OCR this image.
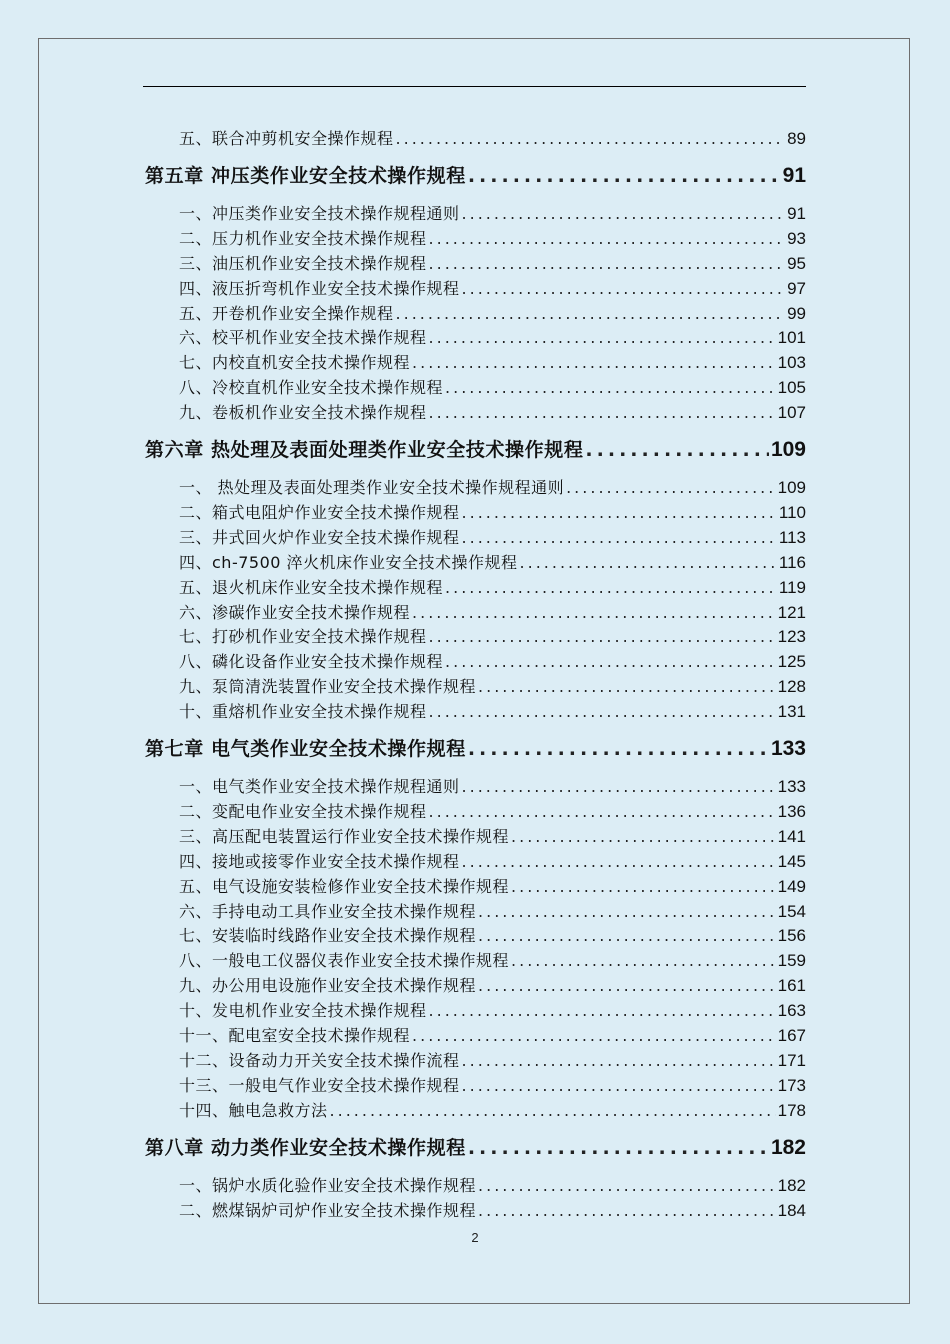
五、联合冲剪机安全操作规程 .....	89
第五章 冲压类作业安全技术操作规程 .....	91
一、冲压类作业安全技术操作规程通则 .....	91
二、压力机作业安全技术操作规程 .....	93
三、油压机作业安全技术操作规程 .....	95
四、液压折弯机作业安全技术操作规程 .....	97
五、开卷机作业安全操作规程 .....	99
六、校平机作业安全技术操作规程 .....	101
七、内校直机安全技术操作规程 .....	103
八、冷校直机作业安全技术操作规程 .....	105
九、卷板机作业安全技术操作规程 .....	107
第六章 热处理及表面处理类作业安全技术操作规程 .....	109
一、 热处理及表面处理类作业安全技术操作规程通则 .....	109
二、箱式电阻炉作业安全技术操作规程 .....	110
三、井式回火炉作业安全技术操作规程 .....	113
四、ch-7500 淬火机床作业安全技术操作规程 .....	116
五、退火机床作业安全技术操作规程 .....	119
六、渗碳作业安全技术操作规程 .....	121
七、打砂机作业安全技术操作规程 .....	123
八、磷化设备作业安全技术操作规程 .....	125
九、泵筒清洗装置作业安全技术操作规程 .....	128
十、重熔机作业安全技术操作规程 .....	131
第七章 电气类作业安全技术操作规程 .....	133
一、电气类作业安全技术操作规程通则 .....	133
二、变配电作业安全技术操作规程 .....	136
三、高压配电装置运行作业安全技术操作规程 .....	141
四、接地或接零作业安全技术操作规程 .....	145
五、电气设施安装检修作业安全技术操作规程 .....	149
六、手持电动工具作业安全技术操作规程 .....	154
七、安装临时线路作业安全技术操作规程 .....	156
八、一般电工仪器仪表作业安全技术操作规程 .....	159
九、办公用电设施作业安全技术操作规程 .....	161
十、发电机作业安全技术操作规程 .....	163
十一、配电室安全技术操作规程 .....	167
十二、设备动力开关安全技术操作流程 .....	171
十三、一般电气作业安全技术操作规程 .....	173
十四、触电急救方法 .....	178
第八章 动力类作业安全技术操作规程 .....	182
一、锅炉水质化验作业安全技术操作规程 .....	182
二、燃煤锅炉司炉作业安全技术操作规程 .....	184
2
